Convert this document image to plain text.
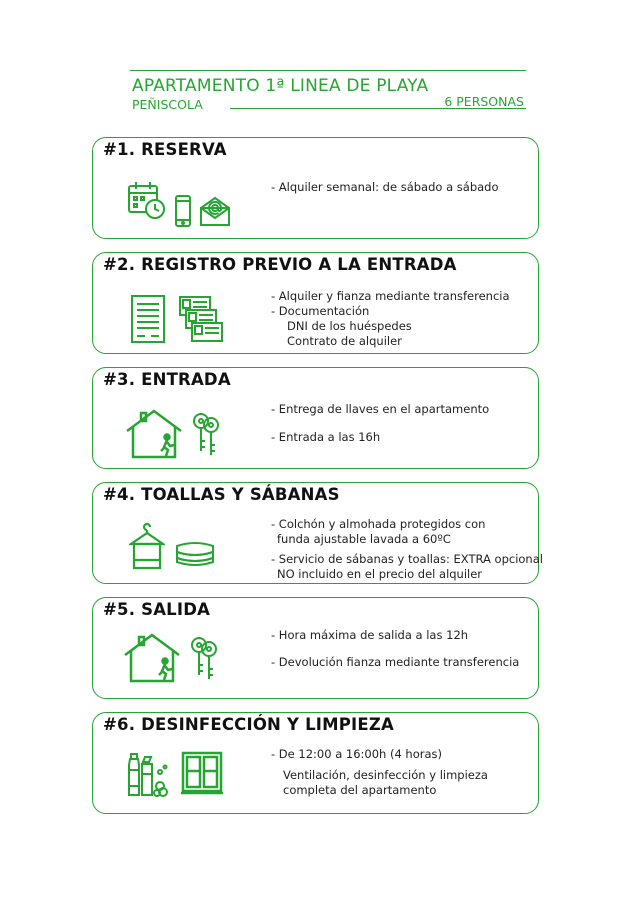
APARTAMENTO 1ª LINEA DE PLAYA
PEÑISCOLA	6 PERSONAS
#1. RESERVA
- Alquiler semanal: de sábado a sábado
#2. REGISTRO PREVIO A LA ENTRADA
- Alquiler y fianza mediante transferencia
- Documentación
DNI de los huéspedes
Contrato de alquiler
#3. ENTRADA
- Entrega de llaves en el apartamento
- Entrada a las 16h
#4. TOALLAS Y SÁBANAS
- Colchón y almohada protegidos con
funda ajustable lavada a 60ºC
- Servicio de sábanas y toallas: EXTRA opcional
NO incluido en el precio del alquiler
#5. SALIDA
- Hora máxima de salida a las 12h
- Devolución fianza mediante transferencia
#6. DESINFECCIÓN Y LIMPIEZA
- De 12:00 a 16:00h (4 horas)
Ventilación, desinfección y limpieza
completa del apartamento
